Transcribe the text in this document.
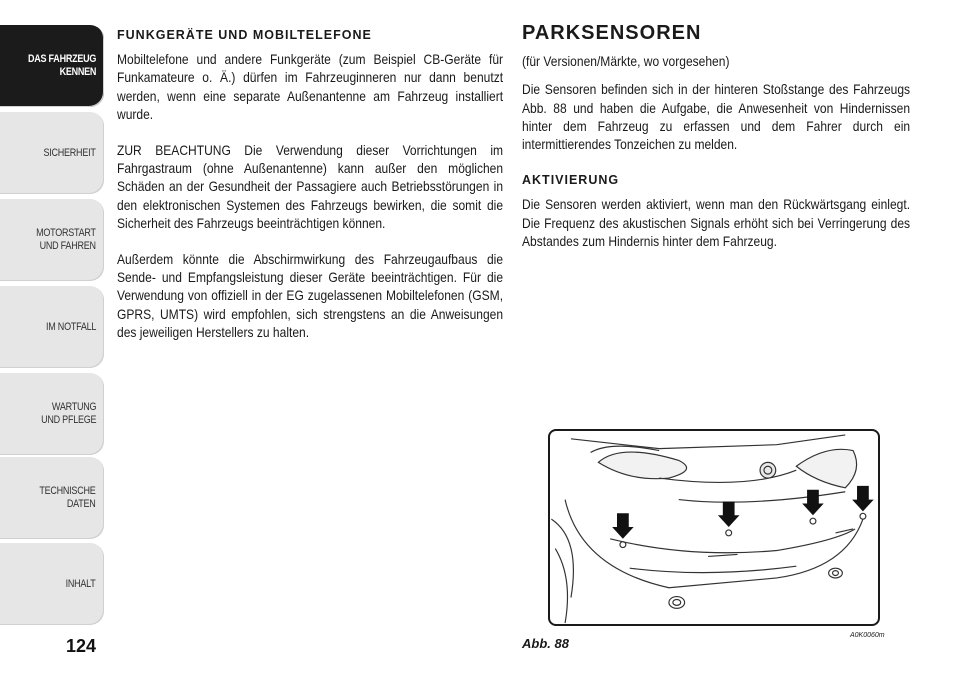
DAS FAHRZEUG
KENNEN
SICHERHEIT
MOTORSTART
UND FAHREN
IM NOTFALL
WARTUNG
UND PFLEGE
TECHNISCHE
DATEN
INHALT
124
FUNKGERÄTE UND MOBILTELEFONE

Mobiltelefone und andere Funkgeräte (zum Beispiel CB-Geräte für Funkamateure o. Ä.) dürfen im Fahrzeuginneren nur dann benutzt werden, wenn eine separate Außenantenne am Fahrzeug installiert wurde.

ZUR BEACHTUNG Die Verwendung dieser Vorrichtungen im Fahrgastraum (ohne Außenantenne) kann außer den möglichen Schäden an der Gesundheit der Passagiere auch Betriebsstörungen in den elektronischen Systemen des Fahrzeugs bewirken, die somit die Sicherheit des Fahrzeugs beeinträchtigen können.

Außerdem könnte die Abschirmwirkung des Fahrzeugaufbaus die Sende- und Empfangsleistung dieser Geräte beeinträchtigen. Für die Verwendung von offiziell in der EG zugelassenen Mobiltelefonen (GSM, GPRS, UMTS) wird empfohlen, sich strengstens an die Anweisungen des jeweiligen Herstellers zu halten.

PARKSENSOREN
(für Versionen/Märkte, wo vorgesehen)

Die Sensoren befinden sich in der hinteren Stoßstange des Fahrzeugs Abb. 88 und haben die Aufgabe, die Anwesenheit von Hindernissen hinter dem Fahrzeug zu erfassen und dem Fahrer durch ein intermittierendes Tonzeichen zu melden.

AKTIVIERUNG

Die Sensoren werden aktiviert, wenn man den Rückwärtsgang einlegt. Die Frequenz des akustischen Signals erhöht sich bei Verringerung des Abstandes zum Hindernis hinter dem Fahrzeug.

Abb. 88
A0K0060m
